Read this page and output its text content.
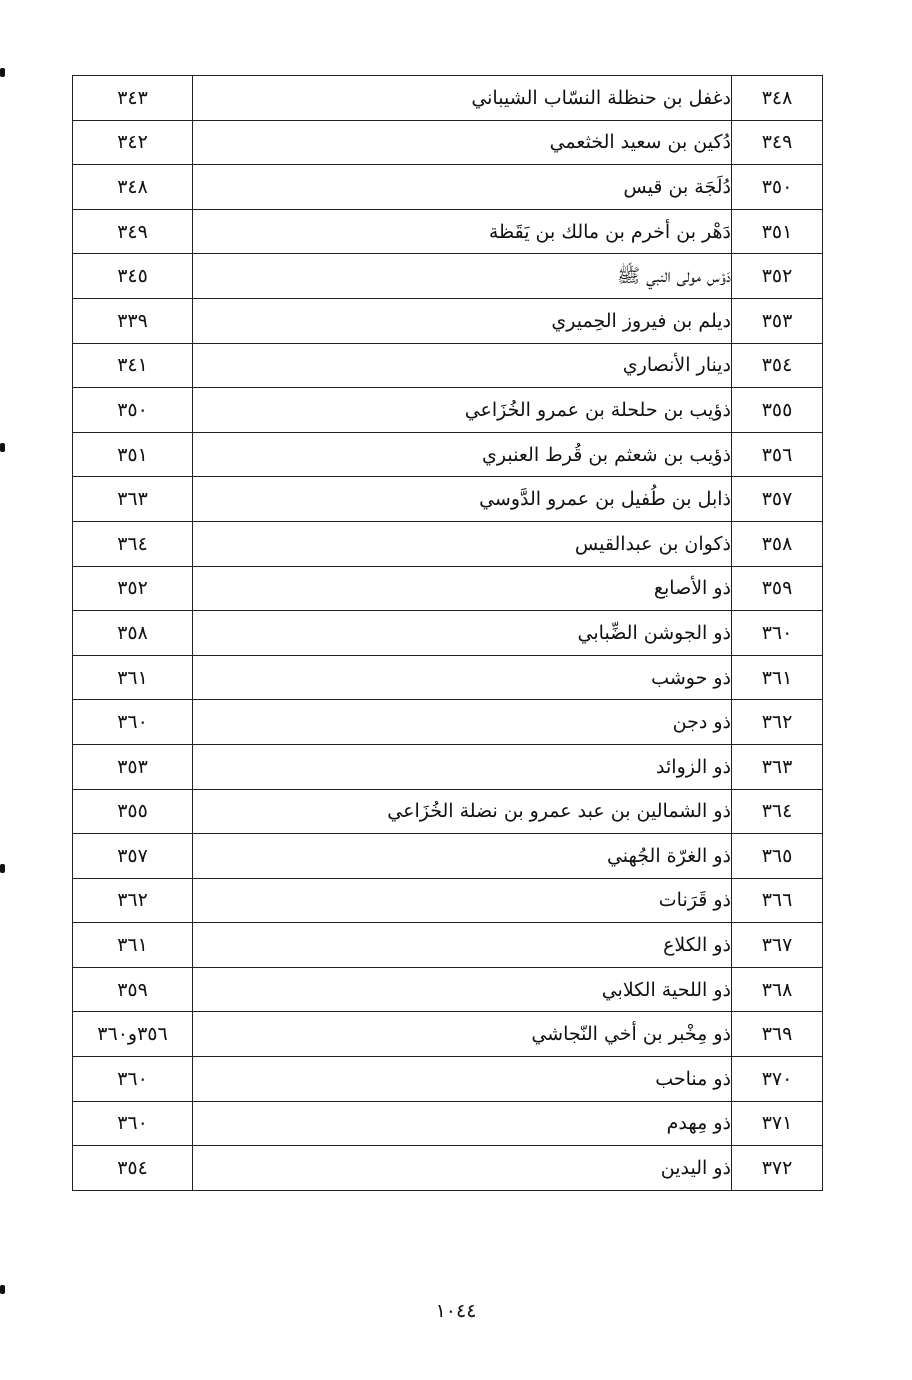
٣٤٨	دغفل بن حنظلة النسّاب الشيباني	٣٤٣
٣٤٩	دُكين بن سعيد الخثعمي	٣٤٢
٣٥٠	دُلَجَة بن قيس	٣٤٨
٣٥١	دَهْر بن أخرم بن مالك بن يَقَظة	٣٤٩
٣٥٢	دَوْس مولى النبي ﷺ	٣٤٥
٣٥٣	ديلم بن فيروز الحِميري	٣٣٩
٣٥٤	دينار الأنصاري	٣٤١
٣٥٥	ذؤيب بن حلحلة بن عمرو الخُزَاعي	٣٥٠
٣٥٦	ذؤيب بن شعثم بن قُرط العنبري	٣٥١
٣٥٧	ذابل بن طُفيل بن عمرو الدَّوسي	٣٦٣
٣٥٨	ذكوان بن عبدالقيس	٣٦٤
٣٥٩	ذو الأصابع	٣٥٢
٣٦٠	ذو الجوشن الضِّبابي	٣٥٨
٣٦١	ذو حوشب	٣٦١
٣٦٢	ذو دجن	٣٦٠
٣٦٣	ذو الزوائد	٣٥٣
٣٦٤	ذو الشمالين بن عبد عمرو بن نضلة الخُزَاعي	٣٥٥
٣٦٥	ذو الغرّة الجُهني	٣٥٧
٣٦٦	ذو قَرَنات	٣٦٢
٣٦٧	ذو الكلاع	٣٦١
٣٦٨	ذو اللحية الكلابي	٣٥٩
٣٦٩	ذو مِخْبر بن أخي النّجاشي	٣٥٦و٣٦٠
٣٧٠	ذو مناحب	٣٦٠
٣٧١	ذو مِهدم	٣٦٠
٣٧٢	ذو اليدين	٣٥٤
١٠٤٤
